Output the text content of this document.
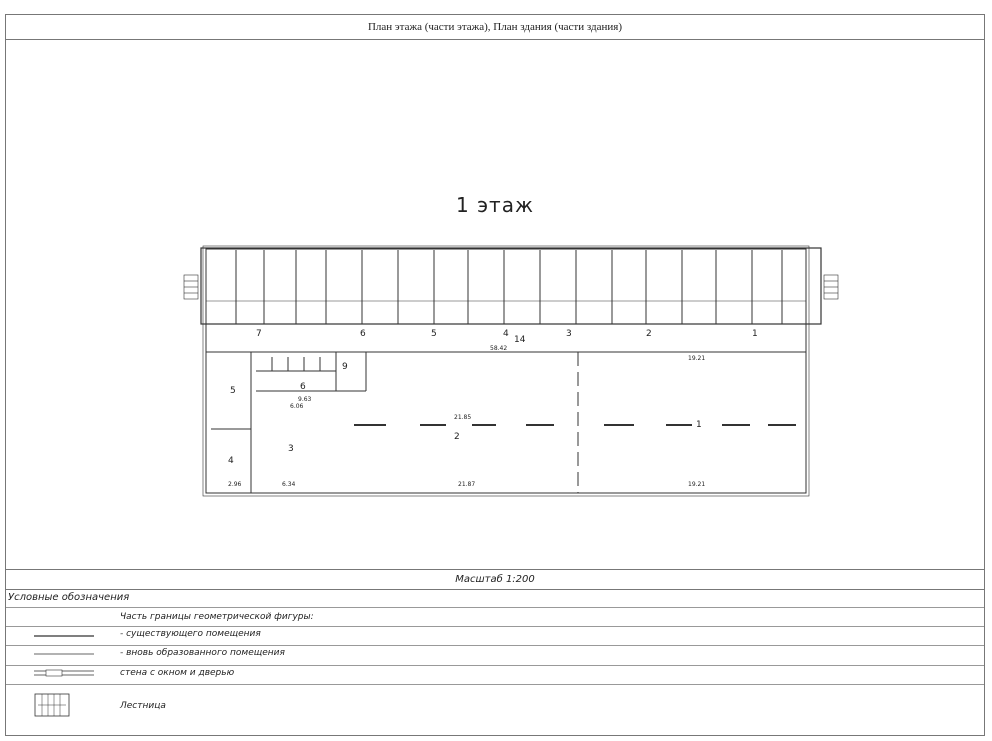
План этажа (части этажа), План здания (части здания)
1 этаж
14
58.42
1
2
3
4
5	6
9
21.85
21.87
19.21
19.21
2.96	6.34
9.63
6.06
7	6	5	4	3	2	1
Масштаб 1:200
Условные обозначения
Часть границы геометрической фигуры:
- существующего помещения
- вновь образованного помещения
стена с окном и дверью
Лестница
